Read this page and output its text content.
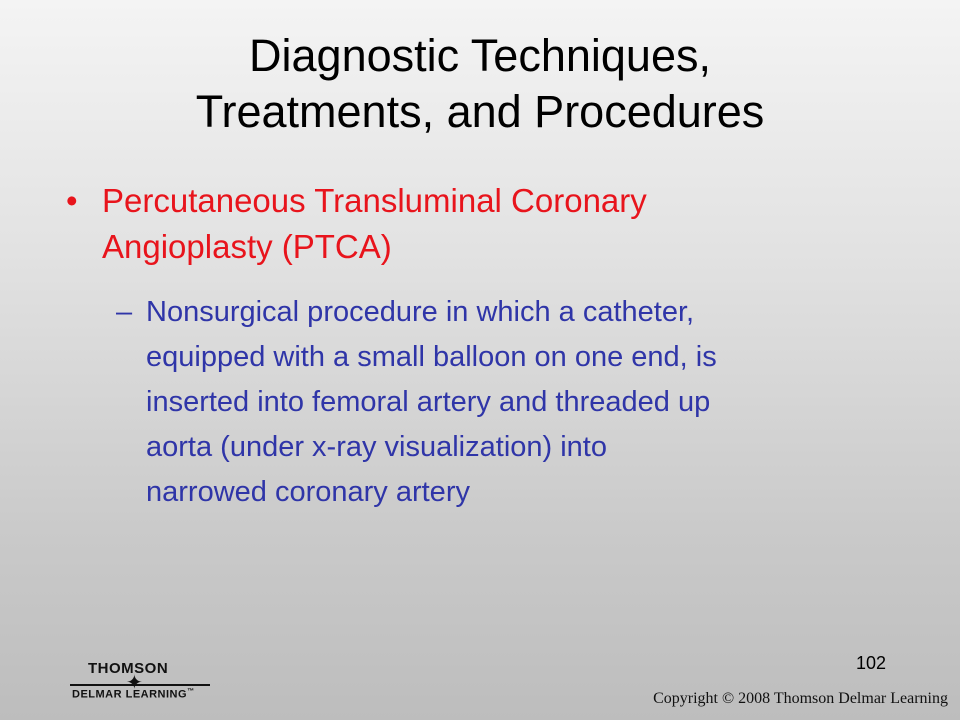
Diagnostic Techniques,
Treatments, and Procedures
• Percutaneous Transluminal Coronary
Angioplasty (PTCA)
– Nonsurgical procedure in which a catheter,
equipped with a small balloon on one end, is
inserted into femoral artery and threaded up
aorta (under x-ray visualization) into
narrowed coronary artery
102
THOMSON
✦
DELMAR LEARNING™	Copyright © 2008 Thomson Delmar Learning
